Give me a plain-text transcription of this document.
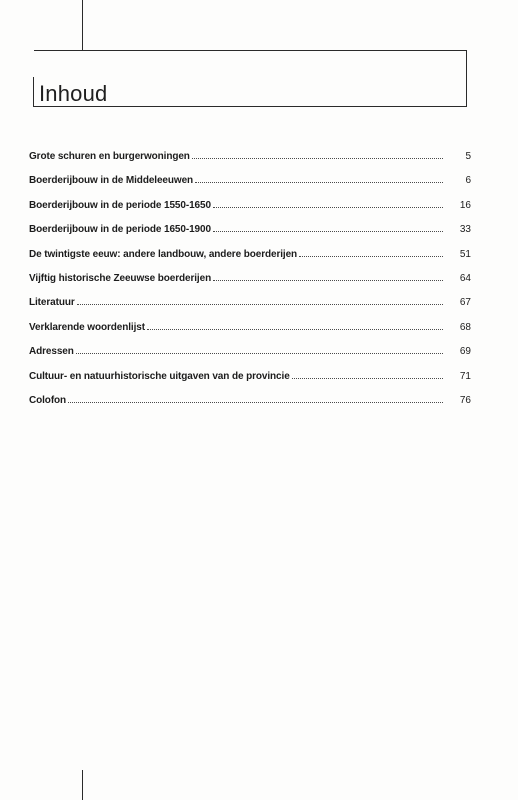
Inhoud
Grote schuren en burgerwoningen	5
Boerderijbouw in de Middeleeuwen	6
Boerderijbouw in de periode 1550-1650	16
Boerderijbouw in de periode 1650-1900	33
De twintigste eeuw: andere landbouw, andere boerderijen	51
Vijftig historische Zeeuwse boerderijen	64
Literatuur	67
Verklarende woordenlijst	68
Adressen	69
Cultuur- en natuurhistorische uitgaven van de provincie	71
Colofon	76
